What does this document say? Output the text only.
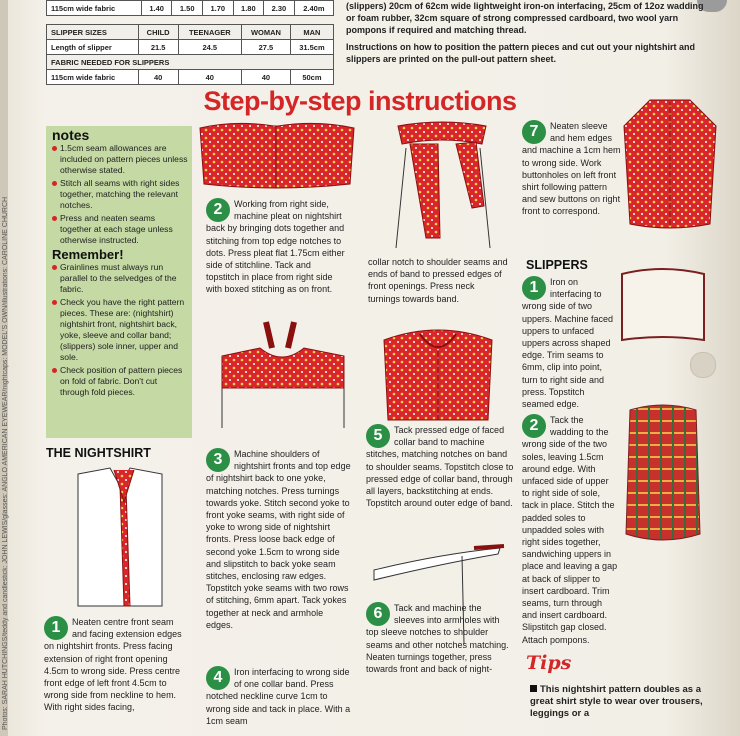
115cm wide fabric	1.40	1.50	1.70	1.80	2.30	2.40m
SLIPPER SIZES	CHILD	TEENAGER	WOMAN	MAN
Length of slipper	21.5	24.5	27.5	31.5cm
FABRIC NEEDED FOR SLIPPERS				
115cm wide fabric	40	40	40	50cm

(slippers) 20cm of 62cm wide lightweight iron-on interfacing, 25cm of 12oz wadding or foam rubber, 32cm square of strong compressed cardboard, two wool yarn pompons if required and matching thread.

Instructions on how to position the pattern pieces and cut out your nightshirt and slippers are printed on the pull-out pattern sheet.

Step-by-step instructions
Photos: SARAH HUTCHINGS/teddy and candlestick: JOHN LEWIS/glasses: ANGLO AMERICAN EYEWEAR/nightcaps: MODEL'S OWN/illustrations: CAROLINE CHURCH
notes
1.5cm seam allowances are included on pattern pieces unless otherwise stated.
Stitch all seams with right sides together, matching the relevant notches.
Press and neaten seams together at each stage unless otherwise instructed.
Remember!
Grainlines must always run parallel to the selvedges of the fabric.
Check you have the right pattern pieces. These are: (nightshirt) nightshirt front, nightshirt back, yoke, sleeve and collar band; (slippers) sole inner, upper and sole.
Check position of pattern pieces on fold of fabric. Don't cut through fold pieces.
THE NIGHTSHIRT
2	Working from right side, machine pleat on nightshirt back by bringing dots together and stitching from top edge notches to dots. Press pleat flat 1.75cm either side of stitchline. Tack and topstitch in place from right side with boxed stitching as on front.
collar notch to shoulder seams and ends of band to pressed edges of front openings. Press neck turnings towards band.
3	Machine shoulders of nightshirt fronts and top edge of nightshirt back to one yoke, matching notches. Press turnings towards yoke. Stitch second yoke to front yoke seams, with right side of yoke to wrong side of nightshirt fronts. Press loose back edge of second yoke 1.5cm to wrong side and slipstitch to back yoke seam stitches, enclosing raw edges. Topstitch yoke seams with two rows of stitching, 6mm apart. Tack yokes together at neck and armhole edges.
4	Iron interfacing to wrong side of one collar band. Press notched neckline curve 1cm to wrong side and tack in place. With a 1cm seam
5	Tack pressed edge of faced collar band to machine stitches, matching notches on band to shoulder seams. Topstitch close to pressed edge of collar band, through all layers, backstitching at ends. Topstitch around outer edge of band.
6	Tack and machine the sleeves into armholes with top sleeve notches to shoulder seams and other notches matching. Neaten turnings together, press towards front and back of night-
1	Neaten centre front seam and facing extension edges on nightshirt fronts. Press facing extension of right front opening 4.5cm to wrong side. Press centre front edge of left front 4.5cm to wrong side from neckline to hem. With right sides facing,
7	Neaten sleeve and hem edges and machine a 1cm hem to wrong side. Work buttonholes on left front shirt following pattern and sew buttons on right front to correspond.
SLIPPERS
1	Iron on interfacing to wrong side of two uppers. Machine faced uppers to unfaced uppers across shaped edge. Trim seams to 6mm, clip into point, turn to right side and press. Topstitch seamed edge.
2	Tack the wadding to the wrong side of the two soles, leaving 1.5cm around edge. With unfaced side of upper to right side of sole, tack in place. Stitch the padded soles to unpadded soles with right sides together, sandwiching uppers in place and leaving a gap at back of slipper to insert cardboard. Trim seams, turn through and insert cardboard. Slipstitch gap closed. Attach pompons.
Tips
This nightshirt pattern doubles as a great shirt style to wear over trousers, leggings or a
